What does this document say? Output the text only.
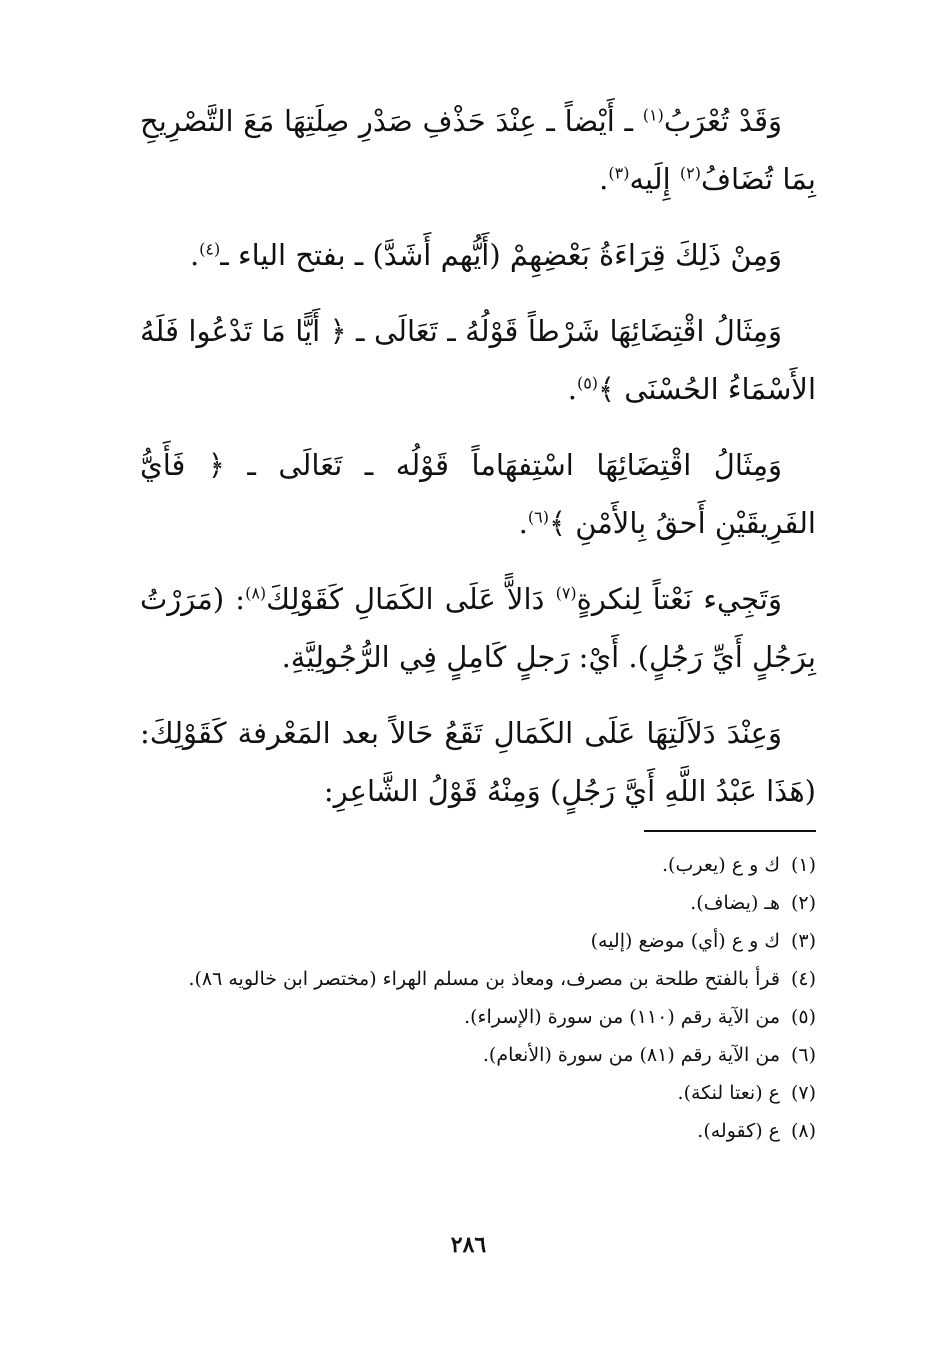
وَقَدْ تُعْرَبُ$^{(١)}$ ـ أَيْضاً ـ عِنْدَ حَذْفِ صَدْرِ صِلَتِهَا مَعَ التَّصْرِيحِ بِمَا تُضَافُ$^{(٢)}$ إِلَيه$^{(٣)}$.

وَمِنْ ذَلِكَ قِرَاءَةُ بَعْضِهِمْ (أَيُّهم أَشَدَّ) ـ بفتح الياء ـ$^{(٤)}$.

وَمِثَالُ اقْتِضَائِهَا شَرْطاً قَوْلُهُ ـ تَعَالَى ـ ﴿ أَيًّا مَا تَدْعُوا فَلَهُ الأَسْمَاءُ الحُسْنَى ﴾$^{(٥)}$.

وَمِثَالُ اقْتِضَائِهَا اسْتِفهَاماً قَوْلُه ـ تَعَالَى ـ ﴿ فَأَيُّ الفَرِيقَيْنِ أَحقُ بِالأَمْنِ ﴾$^{(٦)}$.

وَتَجِيء نَعْتاً لِنكرةٍ$^{(٧)}$ دَالاًّ عَلَى الكَمَالِ كَقَوْلِكَ$^{(٨)}$: (مَرَرْتُ بِرَجُلٍ أَيِّ رَجُلٍ). أَيْ: رَجلٍ كَامِلٍ فِي الرُّجُولِيَّةِ.

وَعِنْدَ دَلاَلَتِهَا عَلَى الكَمَالِ تَقَعُ حَالاً بعد المَعْرفة كَقَوْلِكَ: (هَذَا عَبْدُ اللَّهِ أَيَّ رَجُلٍ) وَمِنْهُ قَوْلُ الشَّاعِرِ:

(١)
ك و ع (يعرب).

(٢)
هـ (يضاف).

(٣)
ك و ع (أي) موضع (إليه)

(٤)
قرأ بالفتح طلحة بن مصرف، ومعاذ بن مسلم الهراء (مختصر ابن خالويه ٨٦).

(٥)
من الآية رقم (١١٠) من سورة (الإسراء).

(٦)
من الآية رقم (٨١) من سورة (الأنعام).

(٧)
ع (نعتا لنكة).

(٨)
ع (كقوله).

٢٨٦
